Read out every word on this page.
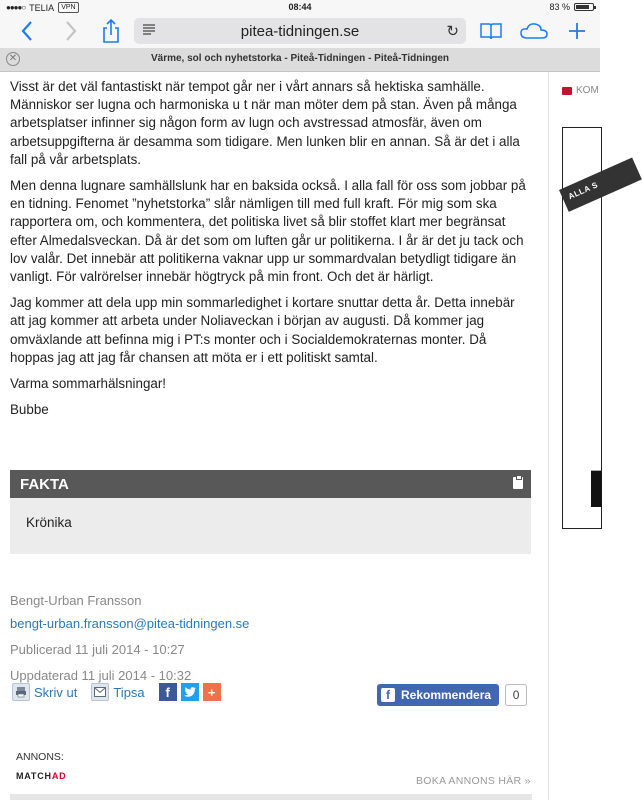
●●●●○ TELIA	VPN	08:44	83 %
pitea-tidningen.se	↻
✕	Värme, sol och nyhetstorka - Piteå-Tidningen - Piteå-Tidningen

Visst är det väl fantastiskt när tempot går ner i vårt annars så hektiska samhälle. Människor ser lugna och harmoniska u t när man möter dem på stan. Även på många arbetsplatser infinner sig någon form av lugn och avstressad atmosfär, även om arbetsuppgifterna är desamma som tidigare. Men lunken blir en annan. Så är det i alla fall på vår arbetsplats.

Men denna lugnare samhällslunk har en baksida också. I alla fall för oss som jobbar på en tidning. Fenomet ”nyhetstorka” slår nämligen till med full kraft. För mig som ska rapportera om, och kommentera, det politiska livet så blir stoffet klart mer begränsat efter Almedalsveckan. Då är det som om luften går ur politikerna. I år är det ju tack och lov valår. Det innebär att politikerna vaknar upp ur sommardvalan betydligt tidigare än vanligt. För valrörelser innebär högtryck på min front. Och det är härligt.

Jag kommer att dela upp min sommarledighet i kortare snuttar detta år. Detta innebär att jag kommer att arbeta under Noliaveckan i början av augusti. Då kommer jag omväxlande att befinna mig i PT:s monter och i Socialdemokraternas monter. Då hoppas jag att jag får chansen att möta er i ett politiskt samtal.

Varma sommarhälsningar!

Bubbe

FAKTA
Krönika
Bengt-Urban Fransson
bengt-urban.fransson@pitea-tidningen.se
Publicerad 11 juli 2014 - 10:27
Uppdaterad 11 juli 2014 - 10:32
Skriv ut	Tipsa	f	+	f Rekommendera	0
ANNONS:
MATCHAD	BOKA ANNONS HÄR »
KOM
ALLA S
▌
